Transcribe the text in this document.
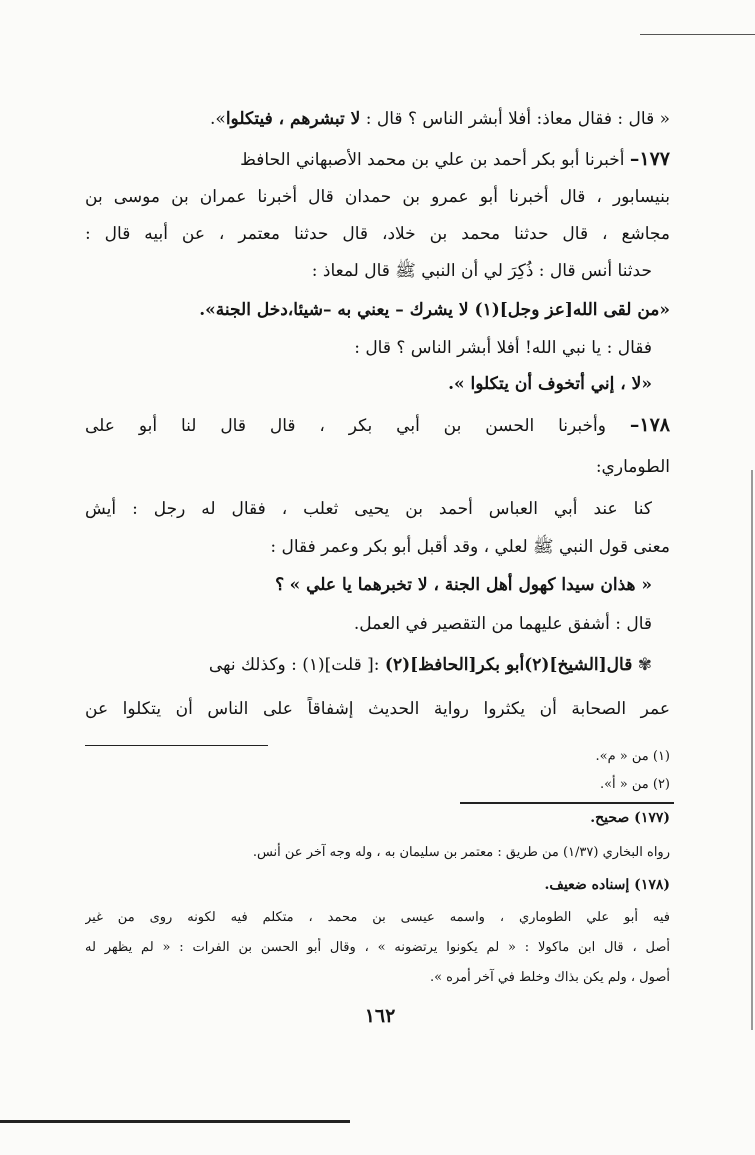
« قال : فقال معاذ: أفلا أبشر الناس ؟ قال : لا تبشرهم ، فيتكلوا».
١٧٧– أخبرنا أبو بكر أحمد بن علي بن محمد الأصبهاني الحافظ
بنيسابور ، قال أخبرنا أبو عمرو بن حمدان قال أخبرنا عمران بن موسى بن
مجاشع ، قال حدثنا محمد بن خلاد، قال حدثنا معتمر ، عن أبيه قال :
حدثنا أنس قال : ذُكِرَ لي أن النبي ﷺ قال لمعاذ :
«من لقى الله[عز وجل](١) لا يشرك – يعني به –شيئا،دخل الجنة».
فقال : يا نبي الله! أفلا أبشر الناس ؟ قال :
«لا ، إني أتخوف أن يتكلوا ».
١٧٨– وأخبرنا الحسن بن أبي بكر ، قال قال لنا أبو على
الطوماري:
كنا عند أبي العباس أحمد بن يحيى ثعلب ، فقال له رجل : أيش
معنى قول النبي ﷺ لعلي ، وقد أقبل أبو بكر وعمر فقال :
« هذان سيدا كهول أهل الجنة ، لا تخبرهما يا علي » ؟
قال : أشفق عليهما من التقصير في العمل.
✾ قال[الشيخ](٢)أبو بكر[الحافظ](٢) :[ قلت](١) : وكذلك نهى
عمر الصحابة أن يكثروا رواية الحديث إشفاقاً على الناس أن يتكلوا عن
(١) من « م».
(٢) من « أ».
(١٧٧) صحيح.
رواه البخاري (١/٣٧) من طريق : معتمر بن سليمان به ، وله وجه آخر عن أنس.
(١٧٨) إسناده ضعيف.
فيه أبو علي الطوماري ، واسمه عيسى بن محمد ، متكلم فيه لكونه روى من غير
أصل ، قال ابن ماكولا : « لم يكونوا يرتضونه » ، وقال أبو الحسن بن الفرات : « لم يظهر له
أصول ، ولم يكن بذاك وخلط في آخر أمره ».
١٦٢
